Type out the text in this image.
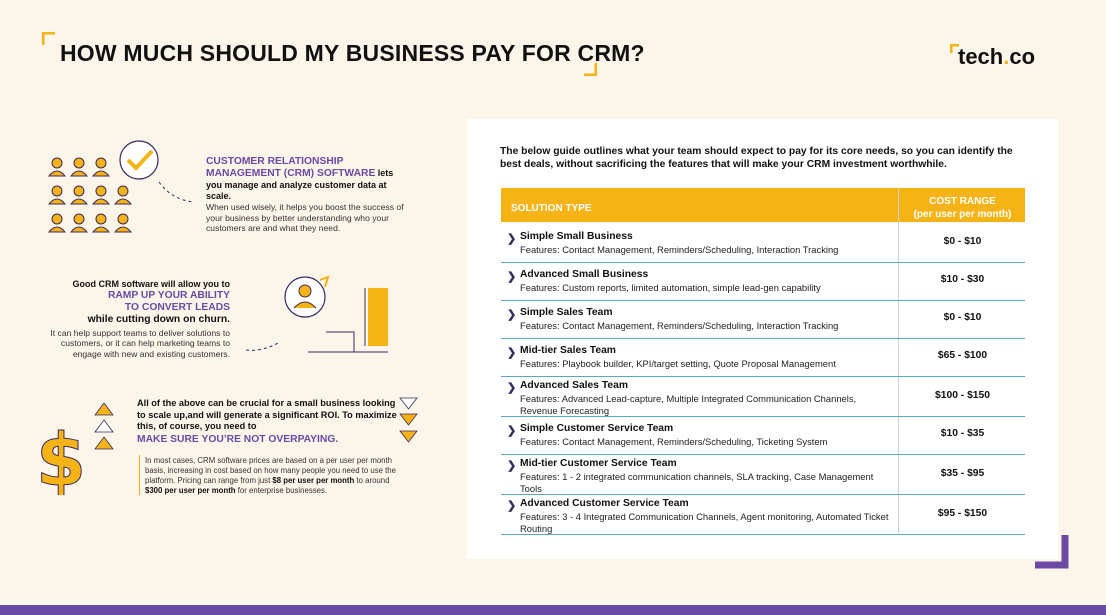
HOW MUCH SHOULD MY BUSINESS PAY FOR CRM?	tech.co
CUSTOMER RELATIONSHIP MANAGEMENT (CRM) SOFTWARE lets you manage and analyze customer data at scale.
When used wisely, it helps you boost the success of your business by better understanding who your customers are and what they need.
Good CRM software will allow you to
RAMP UP YOUR ABILITY TO CONVERT LEADS
while cutting down on churn.
It can help support teams to deliver solutions to customers, or it can help marketing teams to engage with new and existing customers.
$
All of the above can be crucial for a small business looking to scale up,and will generate a significant ROI. To maximize this, of course, you need to
MAKE SURE YOU’RE NOT OVERPAYING.
In most cases, CRM software prices are based on a per user per month basis, increasing in cost based on how many people you need to use the platform. Pricing can range from just $8 per user per month to around $300 per user per month for enterprise businesses.
The below guide outlines what your team should expect to pay for its core needs, so you can identify the best deals, without sacrificing the features that will make your CRM investment worthwhile.
SOLUTION TYPE
COST RANGE
(per user per month)
❯ Simple Small Business
Features: Contact Management, Reminders/Scheduling, Interaction Tracking
$0 - $10
❯ Advanced Small Business
Features: Custom reports, limited automation, simple lead-gen capability
$10 - $30
❯ Simple Sales Team
Features: Contact Management, Reminders/Scheduling, Interaction Tracking
$0 - $10
❯ Mid-tier Sales Team
Features: Playbook builder, KPI/target setting, Quote Proposal Management
$65 - $100
❯ Advanced Sales Team
Features: Advanced Lead-capture, Multiple Integrated Communication Channels, Revenue Forecasting
$100 - $150
❯ Simple Customer Service Team
Features: Contact Management, Reminders/Scheduling, Ticketing System
$10 - $35
❯ Mid-tier Customer Service Team
Features: 1 - 2 integrated communication channels, SLA tracking, Case Management Tools
$35 - $95
❯ Advanced Customer Service Team
Features: 3 - 4 Integrated Communication Channels, Agent monitoring, Automated Ticket Routing
$95 - $150
